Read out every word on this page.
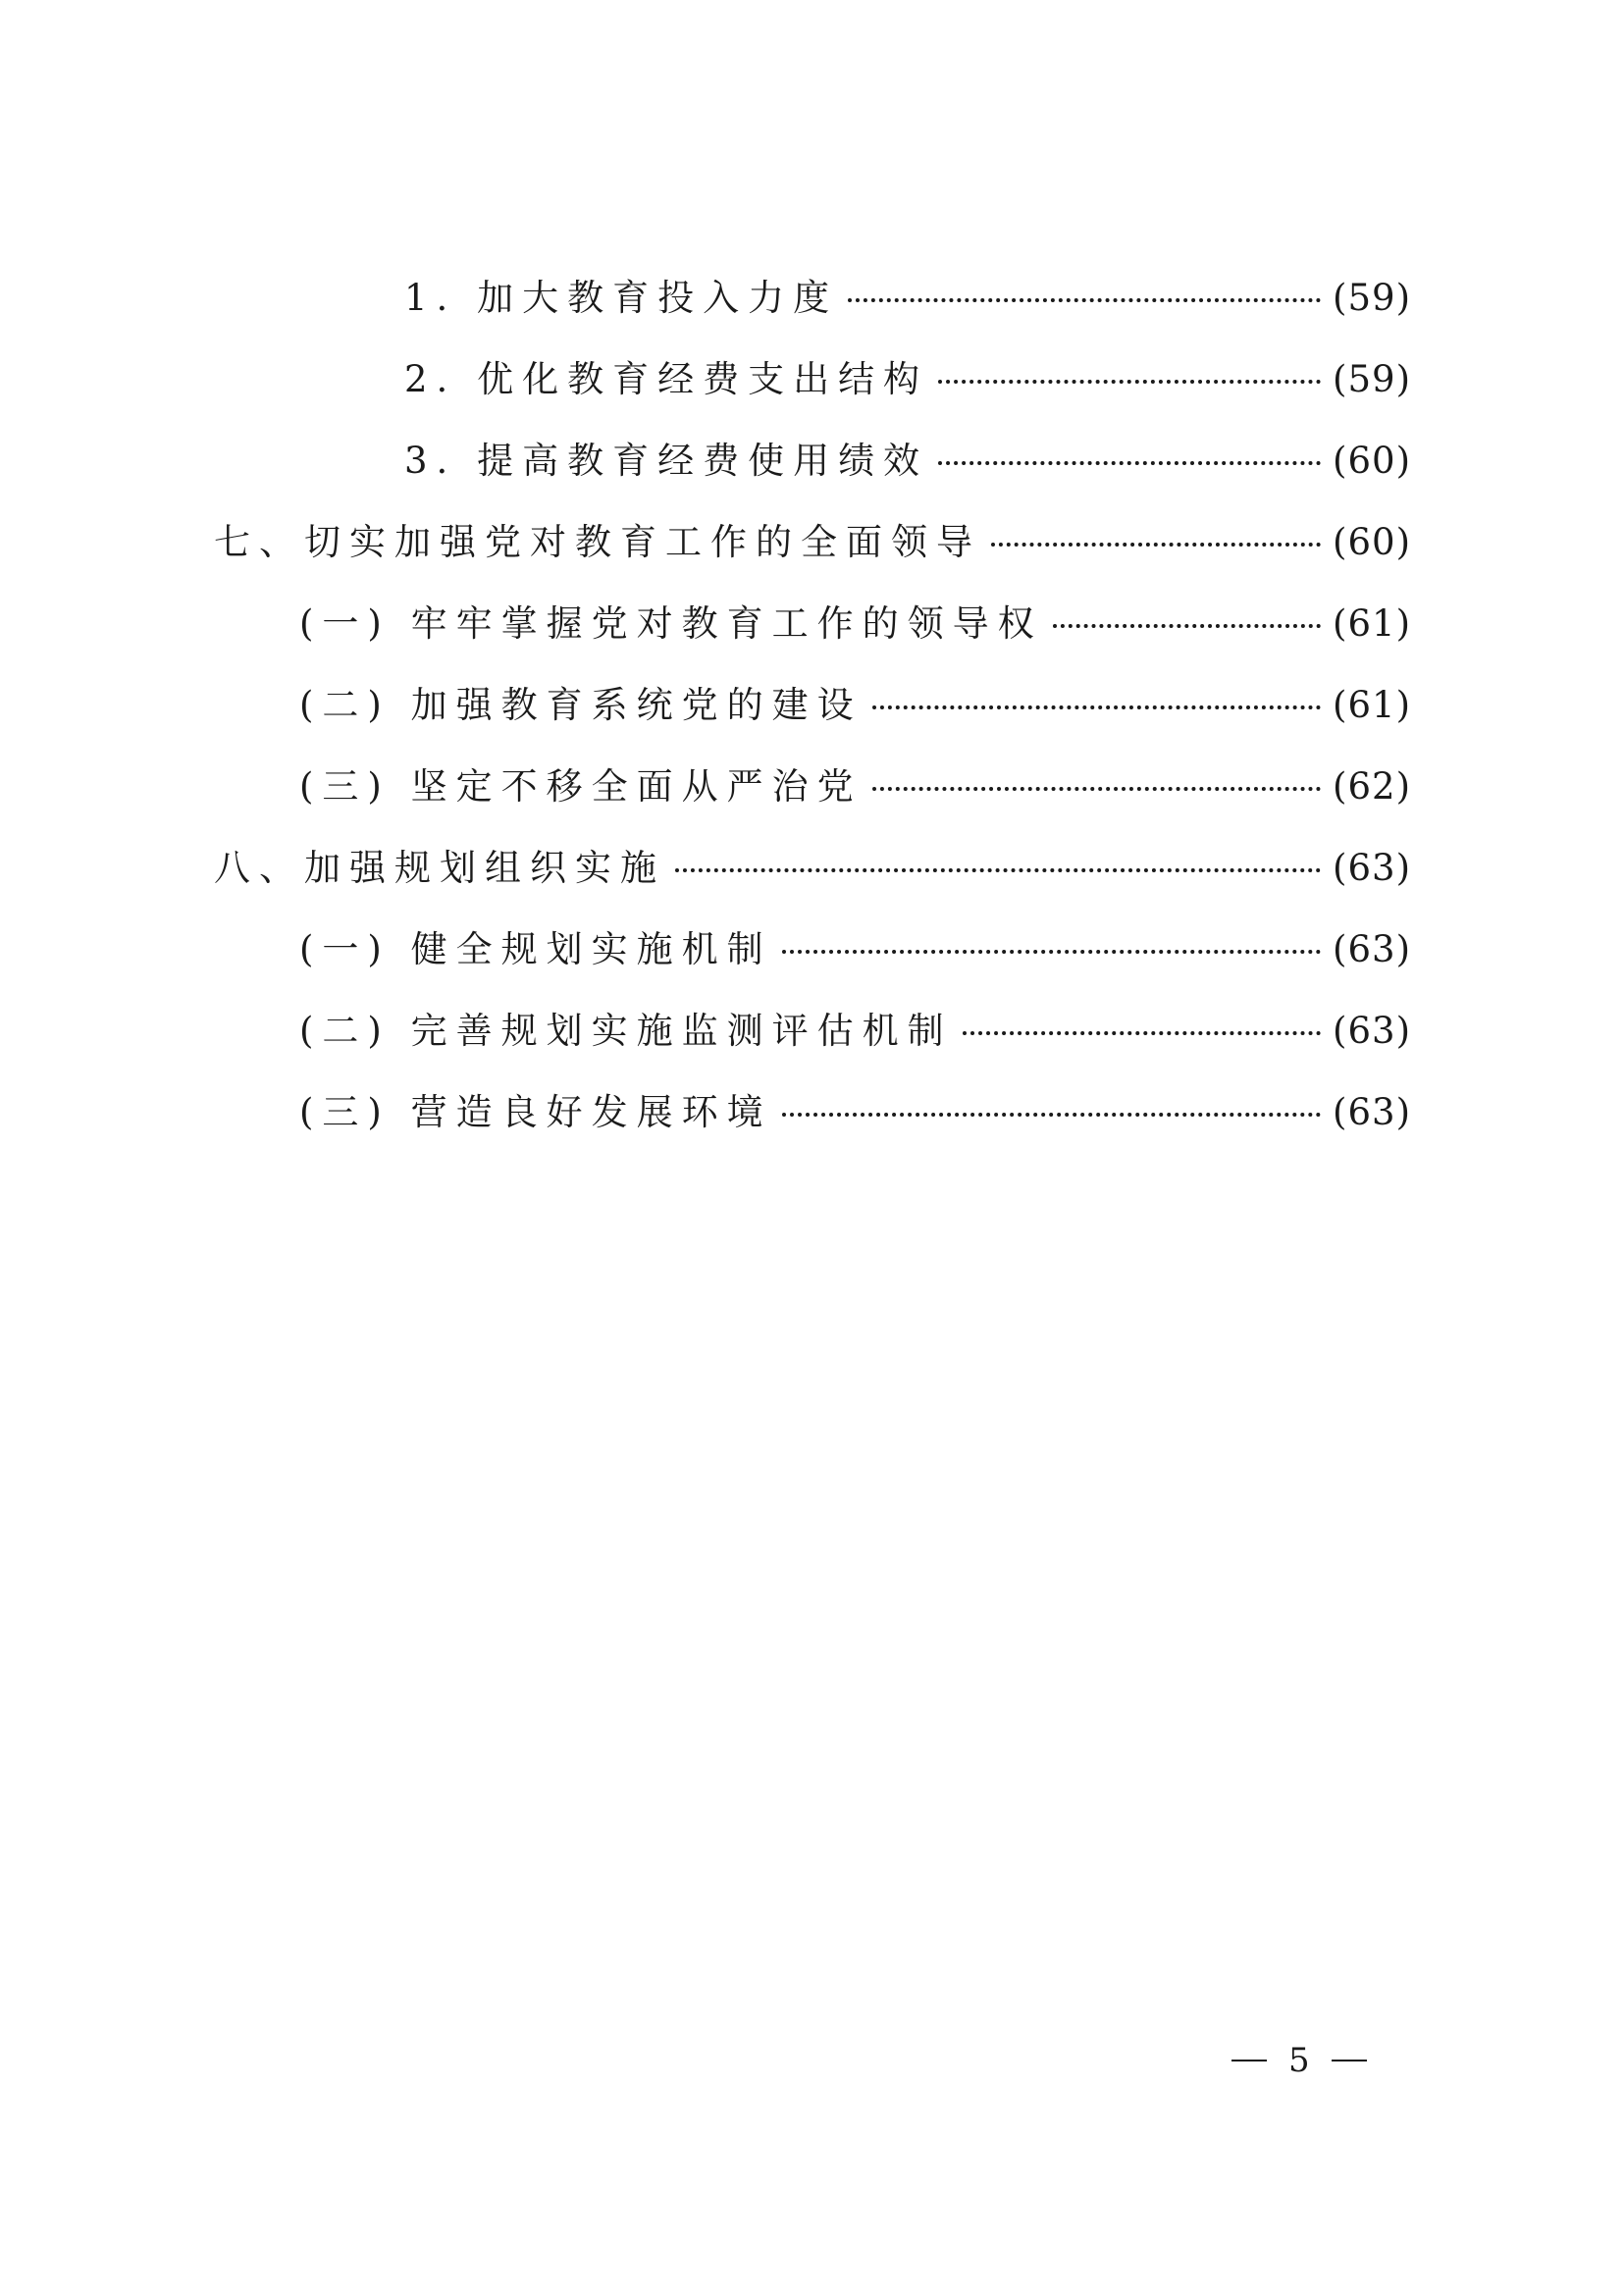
1. 加大教育投入力度	(59)
2. 优化教育经费支出结构	(59)
3. 提高教育经费使用绩效	(60)
七、切实加强党对教育工作的全面领导	(60)
(一) 牢牢掌握党对教育工作的领导权	(61)
(二) 加强教育系统党的建设	(61)
(三) 坚定不移全面从严治党	(62)
八、加强规划组织实施	(63)
(一) 健全规划实施机制	(63)
(二) 完善规划实施监测评估机制	(63)
(三) 营造良好发展环境	(63)
5
